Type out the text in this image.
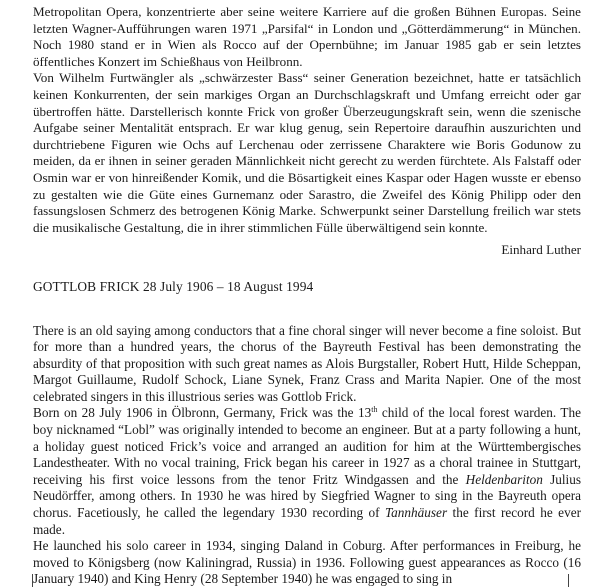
Metropolitan Opera, konzentrierte aber seine weitere Karriere auf die großen Bühnen Europas. Seine letzten Wagner-Aufführungen waren 1971 „Parsifal“ in London und „Götterdämmerung“ in München. Noch 1980 stand er in Wien als Rocco auf der Opernbühne; im Januar 1985 gab er sein letztes öffentliches Konzert im Schießhaus von Heilbronn.

Von Wilhelm Furtwängler als „schwärzester Bass“ seiner Generation bezeichnet, hatte er tatsächlich keinen Konkurrenten, der sein markiges Organ an Durchschlagskraft und Umfang erreicht oder gar übertroffen hätte. Darstellerisch konnte Frick von großer Überzeugungskraft sein, wenn die szenische Aufgabe seiner Mentalität entsprach. Er war klug genug, sein Repertoire daraufhin auszurichten und durchtriebene Figuren wie Ochs auf Lerchenau oder zerrissene Charaktere wie Boris Godunow zu meiden, da er ihnen in seiner geraden Männlichkeit nicht gerecht zu werden fürchtete. Als Falstaff oder Osmin war er von hinreißender Komik, und die Bösartigkeit eines Kaspar oder Hagen wusste er ebenso zu gestalten wie die Güte eines Gurnemanz oder Sarastro, die Zweifel des König Philipp oder den fassungslosen Schmerz des betrogenen König Marke. Schwerpunkt seiner Darstellung freilich war stets die musikalische Gestaltung, die in ihrer stimmlichen Fülle überwältigend sein konnte.

Einhard Luther

GOTTLOB FRICK 28 July 1906 – 18 August 1994

There is an old saying among conductors that a fine choral singer will never become a fine soloist. But for more than a hundred years, the chorus of the Bayreuth Festival has been demonstrating the absurdity of that proposition with such great names as Alois Burgstaller, Robert Hutt, Hilde Scheppan, Margot Guillaume, Rudolf Schock, Liane Synek, Franz Crass and Marita Napier. One of the most celebrated singers in this illustrious series was Gottlob Frick.

Born on 28 July 1906 in Ölbronn, Germany, Frick was the 13th child of the local forest warden. The boy nicknamed “Lobl” was originally intended to become an engineer. But at a party following a hunt, a holiday guest noticed Frick’s voice and arranged an audition for him at the Württembergisches Landestheater. With no vocal training, Frick began his career in 1927 as a choral trainee in Stuttgart, receiving his first voice lessons from the tenor Fritz Windgassen and the Heldenbariton Julius Neudörffer, among others. In 1930 he was hired by Siegfried Wagner to sing in the Bayreuth opera chorus. Facetiously, he called the legendary 1930 recording of Tannhäuser the first record he ever made.

He launched his solo career in 1934, singing Daland in Coburg. After performances in Freiburg, he moved to Königsberg (now Kaliningrad, Russia) in 1936. Following guest appearances as Rocco (16 January 1940) and King Henry (28 September 1940) he was engaged to sing in
